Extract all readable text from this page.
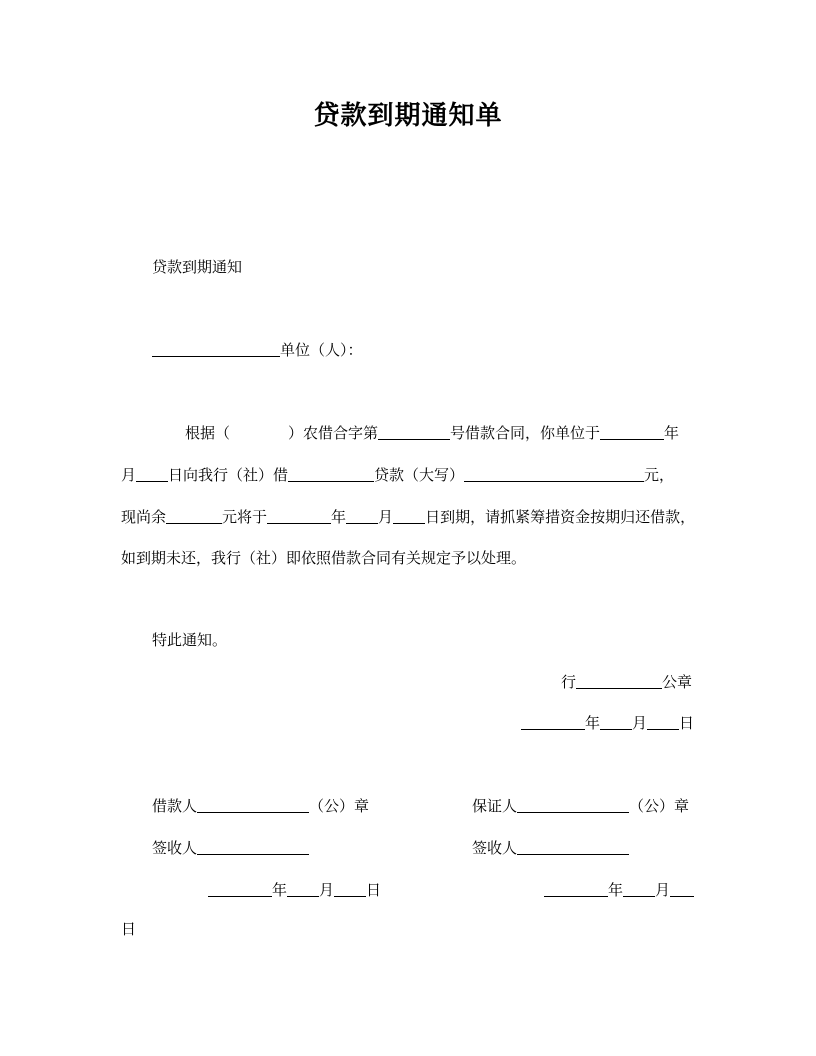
贷款到期通知单
贷款到期通知
单位（人）：
根据（	）农借合字第	号借款合同，你单位于	年
月 日向我行（社）借	贷款（大写）	元，
现尚余	元将于	年 月 日到期，请抓紧筹措资金按期归还借款，
如到期未还，我行（社）即依照借款合同有关规定予以处理。
特此通知。
行	公章
年 月 日
借款人	（公）章	保证人	（公）章
签收人	签收人
年 月 日	年 月
日
